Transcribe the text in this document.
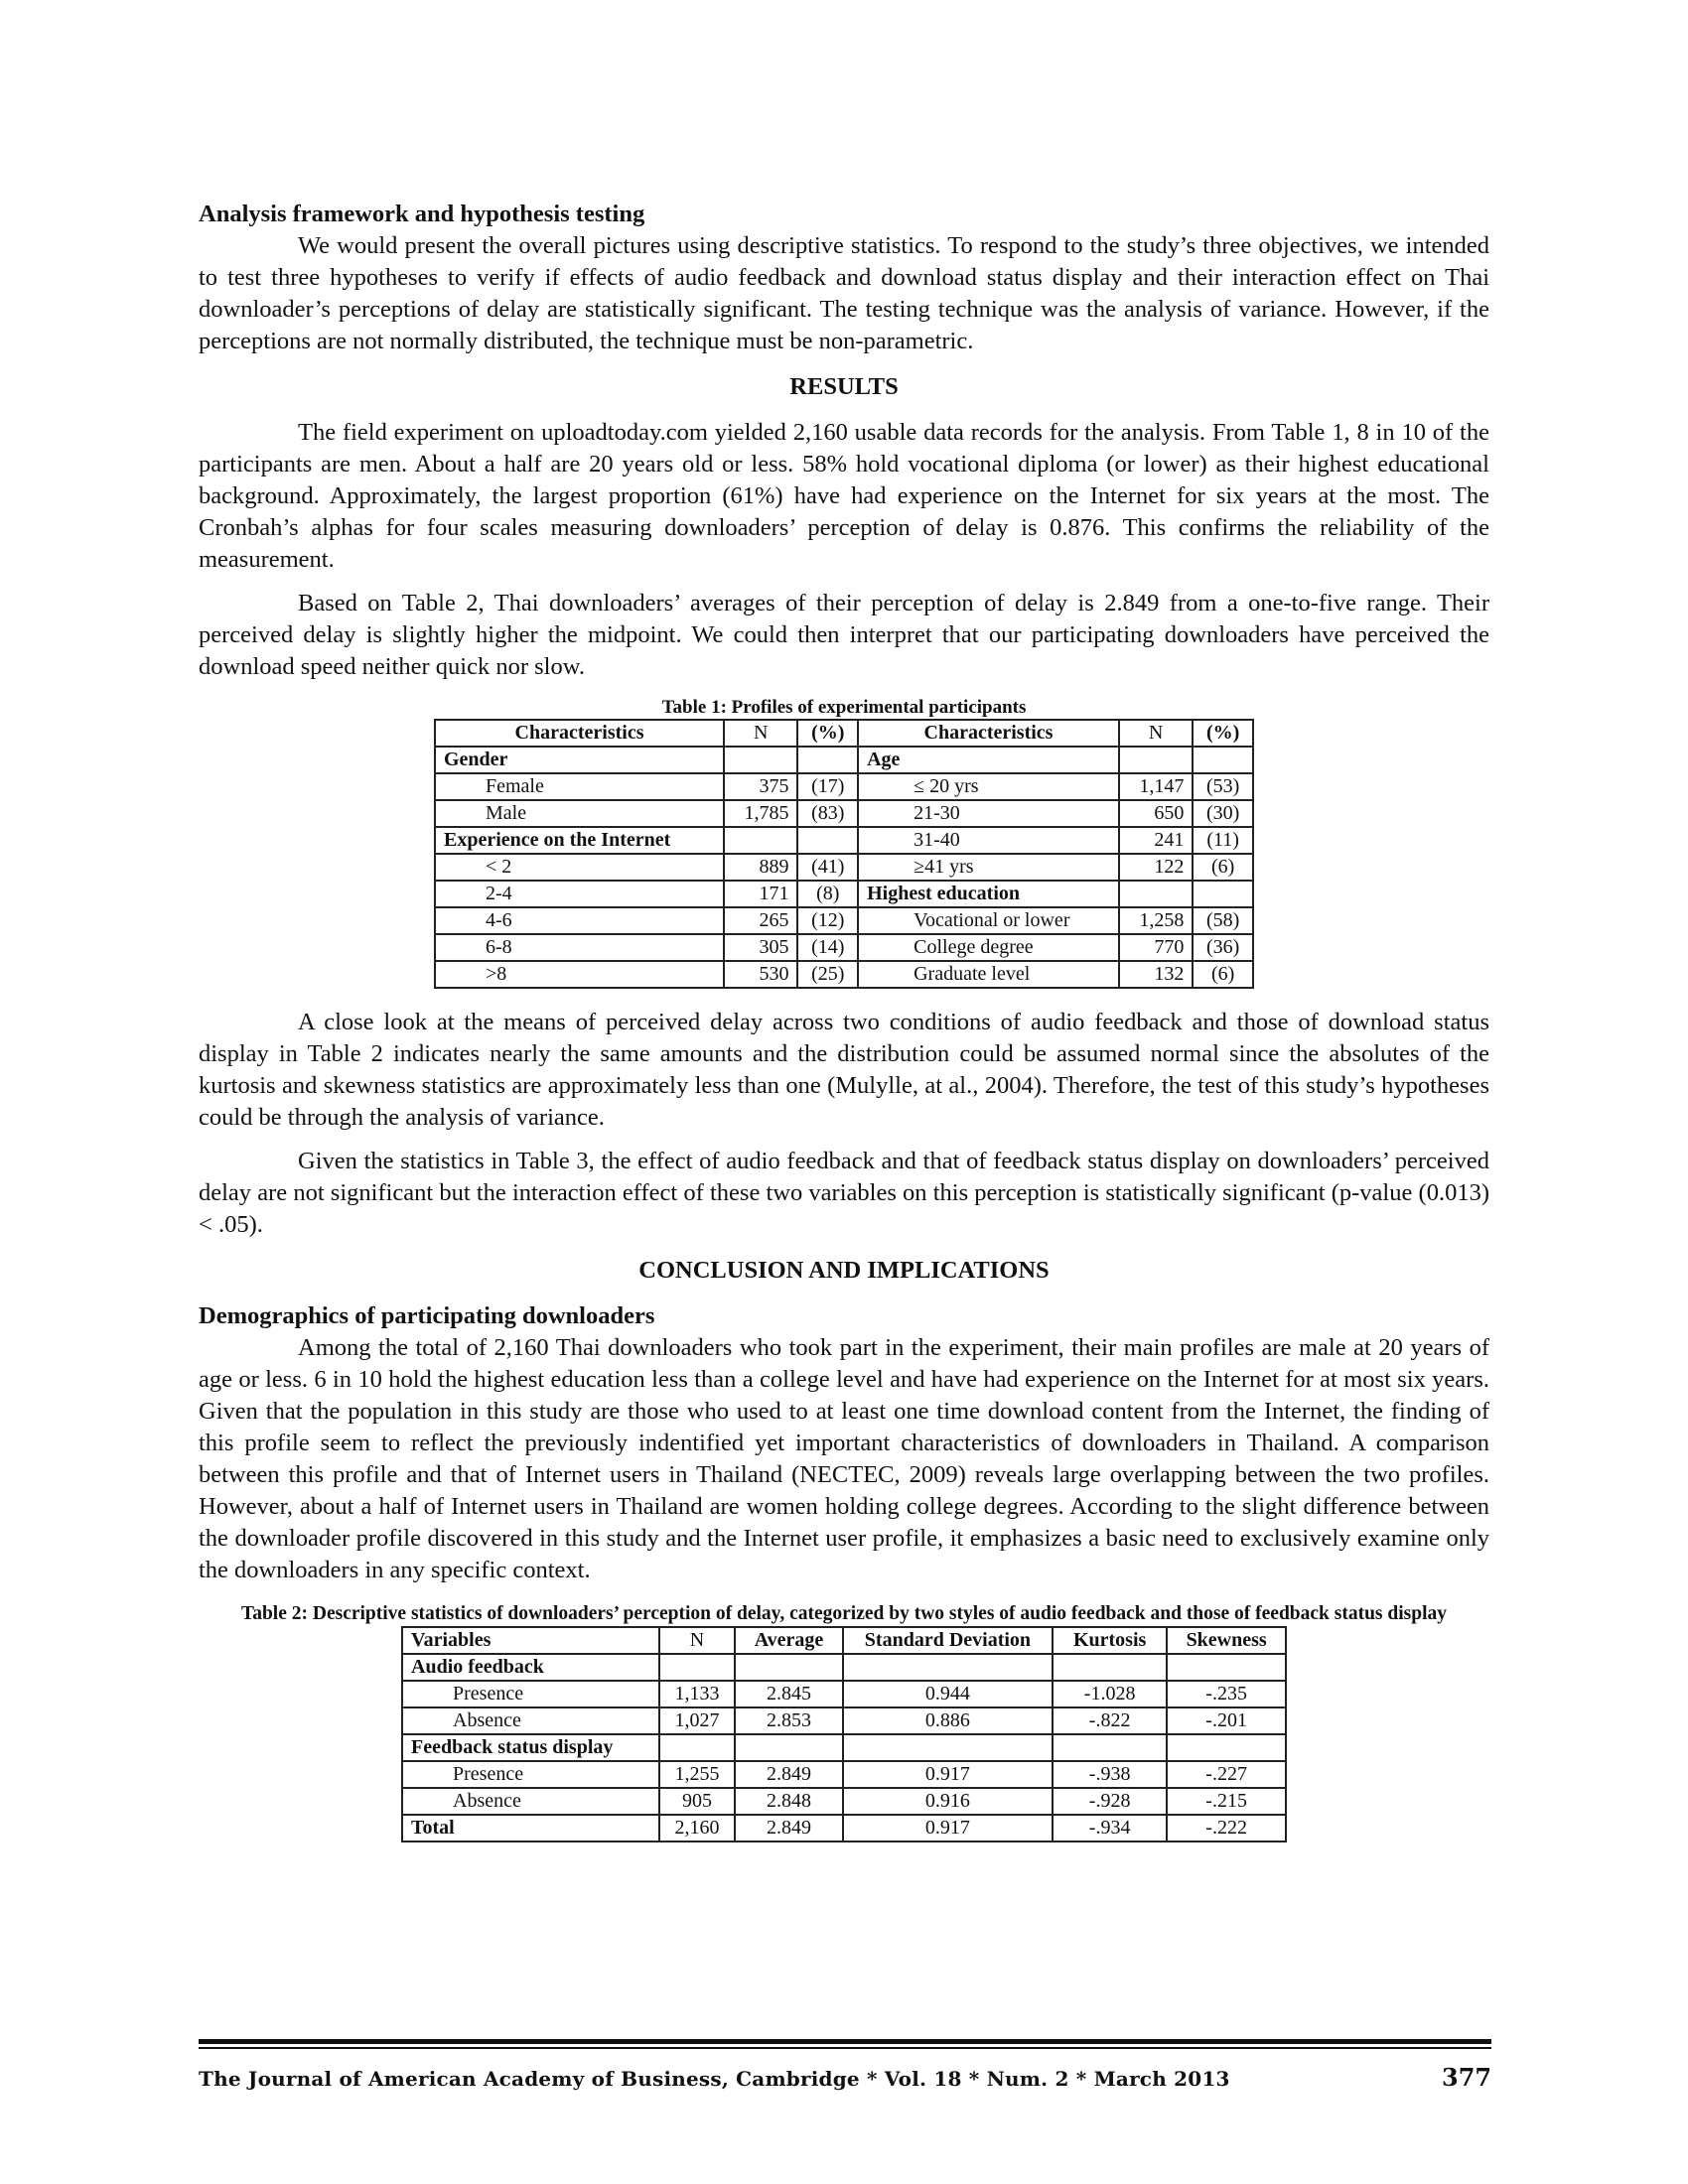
Analysis framework and hypothesis testing

We would present the overall pictures using descriptive statistics. To respond to the study’s three objectives, we intended to test three hypotheses to verify if effects of audio feedback and download status display and their interaction effect on Thai downloader’s perceptions of delay are statistically significant. The testing technique was the analysis of variance. However, if the perceptions are not normally distributed, the technique must be non-parametric.

RESULTS

The field experiment on uploadtoday.com yielded 2,160 usable data records for the analysis. From Table 1, 8 in 10 of the participants are men. About a half are 20 years old or less. 58% hold vocational diploma (or lower) as their highest educational background. Approximately, the largest proportion (61%) have had experience on the Internet for six years at the most. The Cronbah’s alphas for four scales measuring downloaders’ perception of delay is 0.876. This confirms the reliability of the measurement.

Based on Table 2, Thai downloaders’ averages of their perception of delay is 2.849 from a one-to-five range. Their perceived delay is slightly higher the midpoint. We could then interpret that our participating downloaders have perceived the download speed neither quick nor slow.

Table 1: Profiles of experimental participants
Characteristics	N	(%)	Characteristics	N	(%)
Gender			Age		
Female	375	(17)	≤ 20 yrs	1,147	(53)
Male	1,785	(83)	21-30	650	(30)
Experience on the Internet			31-40	241	(11)
< 2	889	(41)	≥41 yrs	122	(6)
2-4	171	(8)	Highest education		
4-6	265	(12)	Vocational or lower	1,258	(58)
6-8	305	(14)	College degree	770	(36)
>8	530	(25)	Graduate level	132	(6)

A close look at the means of perceived delay across two conditions of audio feedback and those of download status display in Table 2 indicates nearly the same amounts and the distribution could be assumed normal since the absolutes of the kurtosis and skewness statistics are approximately less than one (Mulylle, at al., 2004). Therefore, the test of this study’s hypotheses could be through the analysis of variance.

Given the statistics in Table 3, the effect of audio feedback and that of feedback status display on downloaders’ perceived delay are not significant but the interaction effect of these two variables on this perception is statistically significant (p-value (0.013) < .05).

CONCLUSION AND IMPLICATIONS
Demographics of participating downloaders

Among the total of 2,160 Thai downloaders who took part in the experiment, their main profiles are male at 20 years of age or less. 6 in 10 hold the highest education less than a college level and have had experience on the Internet for at most six years. Given that the population in this study are those who used to at least one time download content from the Internet, the finding of this profile seem to reflect the previously indentified yet important characteristics of downloaders in Thailand. A comparison between this profile and that of Internet users in Thailand (NECTEC, 2009) reveals large overlapping between the two profiles. However, about a half of Internet users in Thailand are women holding college degrees. According to the slight difference between the downloader profile discovered in this study and the Internet user profile, it emphasizes a basic need to exclusively examine only the downloaders in any specific context.

Table 2: Descriptive statistics of downloaders’ perception of delay, categorized by two styles of audio feedback and those of feedback status display
Variables	N	Average	Standard Deviation	Kurtosis	Skewness
Audio feedback					
Presence	1,133	2.845	0.944	-1.028	-.235
Absence	1,027	2.853	0.886	-.822	-.201
Feedback status display					
Presence	1,255	2.849	0.917	-.938	-.227
Absence	905	2.848	0.916	-.928	-.215
Total	2,160	2.849	0.917	-.934	-.222
The Journal of American Academy of Business, Cambridge * Vol. 18 * Num. 2 * March 2013	377
